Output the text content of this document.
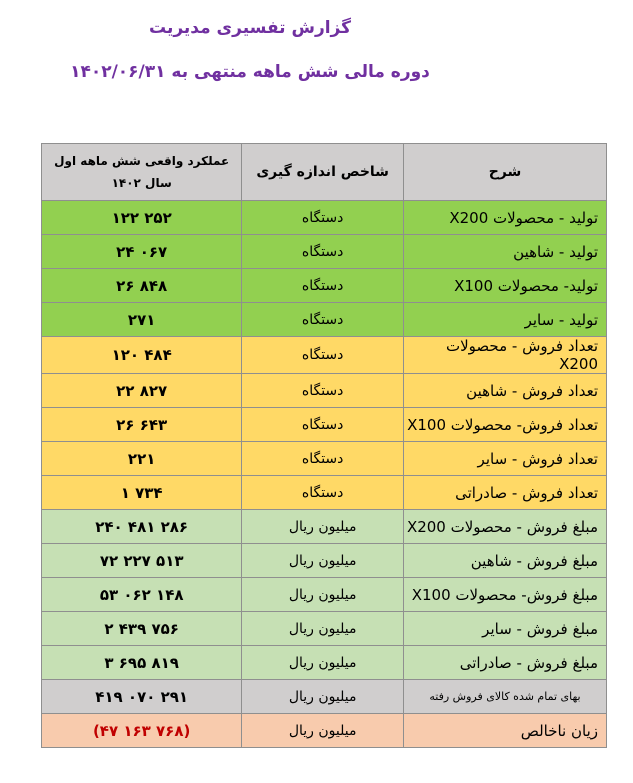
گزارش تفسیری مدیریت
دوره مالی شش ماهه منتهی به ۱۴۰۲/۰۶/۳۱
شرح	شاخص اندازه گیری	عملکرد واقعی شش ماهه اول سال ۱۴۰۲
تولید - محصولات X200	دستگاه	۱۲۲ ۲۵۲
تولید - شاهین	دستگاه	۲۴ ۰۶۷
تولید- محصولات X100	دستگاه	۲۶ ۸۴۸
تولید - سایر	دستگاه	۲۷۱
تعداد فروش - محصولات X200	دستگاه	۱۲۰ ۴۸۴
تعداد فروش - شاهین	دستگاه	۲۲ ۸۲۷
تعداد فروش- محصولات X100	دستگاه	۲۶ ۶۴۳
تعداد فروش - سایر	دستگاه	۲۲۱
تعداد فروش - صادراتی	دستگاه	۱ ۷۳۴
مبلغ فروش - محصولات X200	میلیون ریال	۲۴۰ ۴۸۱ ۲۸۶
مبلغ فروش - شاهین	میلیون ریال	۷۲ ۲۲۷ ۵۱۳
مبلغ فروش- محصولات X100	میلیون ریال	۵۳ ۰۶۲ ۱۴۸
مبلغ فروش - سایر	میلیون ریال	۲ ۴۳۹ ۷۵۶
مبلغ فروش - صادراتی	میلیون ریال	۳ ۶۹۵ ۸۱۹
بهای تمام شده کالای فروش رفته	میلیون ریال	۴۱۹ ۰۷۰ ۲۹۱
زیان ناخالص	میلیون ریال	(۴۷ ۱۶۳ ۷۶۸)
